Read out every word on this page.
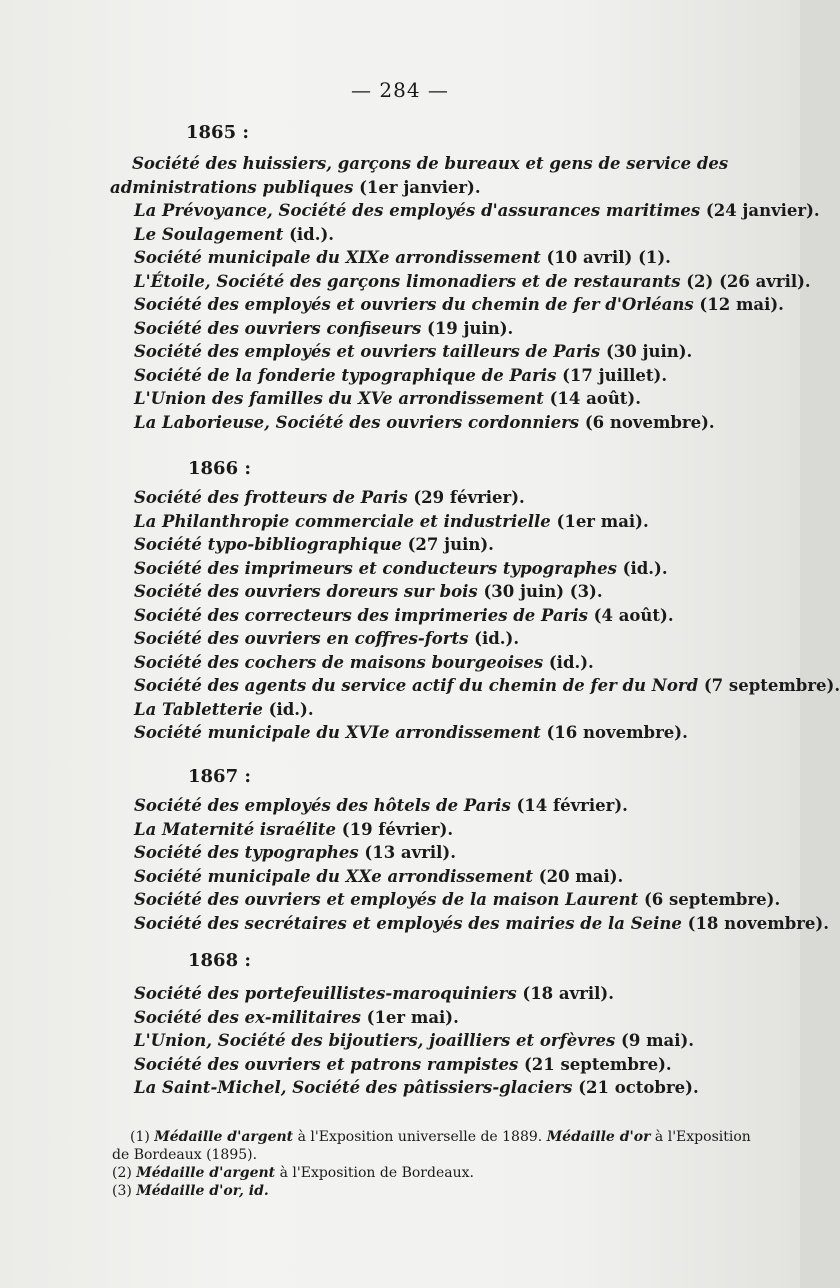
— 284 —
1865 :
Société des huissiers, garçons de bureaux et gens de service des administrations publiques (1er janvier).
La Prévoyance, Société des employés d'assurances maritimes (24 janvier).
Le Soulagement (id.).
Société municipale du XIXe arrondissement (10 avril) (1).
L'Étoile, Société des garçons limonadiers et de restaurants (2) (26 avril).
Société des employés et ouvriers du chemin de fer d'Orléans (12 mai).
Société des ouvriers confiseurs (19 juin).
Société des employés et ouvriers tailleurs de Paris (30 juin).
Société de la fonderie typographique de Paris (17 juillet).
L'Union des familles du XVe arrondissement (14 août).
La Laborieuse, Société des ouvriers cordonniers (6 novembre).
1866 :
Société des frotteurs de Paris (29 février).
La Philanthropie commerciale et industrielle (1er mai).
Société typo-bibliographique (27 juin).
Société des imprimeurs et conducteurs typographes (id.).
Société des ouvriers doreurs sur bois (30 juin) (3).
Société des correcteurs des imprimeries de Paris (4 août).
Société des ouvriers en coffres-forts (id.).
Société des cochers de maisons bourgeoises (id.).
Société des agents du service actif du chemin de fer du Nord (7 septembre).
La Tabletterie (id.).
Société municipale du XVIe arrondissement (16 novembre).
1867 :
Société des employés des hôtels de Paris (14 février).
La Maternité israélite (19 février).
Société des typographes (13 avril).
Société municipale du XXe arrondissement (20 mai).
Société des ouvriers et employés de la maison Laurent (6 septembre).
Société des secrétaires et employés des mairies de la Seine (18 novembre).
1868 :
Société des portefeuillistes-maroquiniers (18 avril).
Société des ex-militaires (1er mai).
L'Union, Société des bijoutiers, joailliers et orfèvres (9 mai).
Société des ouvriers et patrons rampistes (21 septembre).
La Saint-Michel, Société des pâtissiers-glaciers (21 octobre).

(1) Médaille d'argent à l'Exposition universelle de 1889. Médaille d'or à l'Exposition de Bordeaux (1895).

(2) Médaille d'argent à l'Exposition de Bordeaux.

(3) Médaille d'or, id.
